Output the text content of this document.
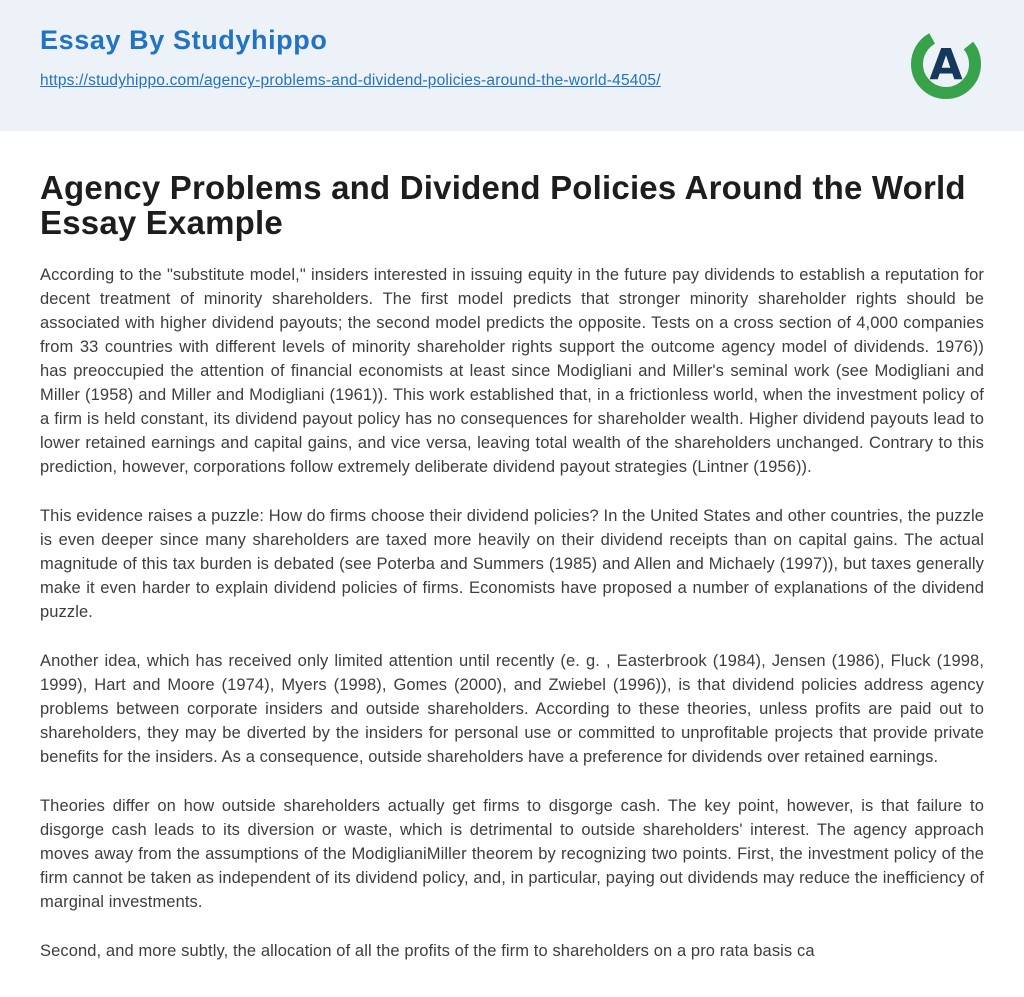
Essay By Studyhippo
https://studyhippo.com/agency-problems-and-dividend-policies-around-the-world-45405/	A
Agency Problems and Dividend Policies Around the World Essay Example

According to the "substitute model," insiders interested in issuing equity in the future pay dividends to establish a reputation for decent treatment of minority shareholders. The first model predicts that stronger minority shareholder rights should be associated with higher dividend payouts; the second model predicts the opposite. Tests on a cross section of 4,000 companies from 33 countries with different levels of minority shareholder rights support the outcome agency model of dividends. 1976)) has preoccupied the attention of financial economists at least since Modigliani and Miller's seminal work (see Modigliani and Miller (1958) and Miller and Modigliani (1961)). This work established that, in a frictionless world, when the investment policy of a firm is held constant, its dividend payout policy has no consequences for shareholder wealth. Higher dividend payouts lead to lower retained earnings and capital gains, and vice versa, leaving total wealth of the shareholders unchanged. Contrary to this prediction, however, corporations follow extremely deliberate dividend payout strategies (Lintner (1956)).

This evidence raises a puzzle: How do firms choose their dividend policies? In the United States and other countries, the puzzle is even deeper since many shareholders are taxed more heavily on their dividend receipts than on capital gains. The actual magnitude of this tax burden is debated (see Poterba and Summers (1985) and Allen and Michaely (1997)), but taxes generally make it even harder to explain dividend policies of firms. Economists have proposed a number of explanations of the dividend puzzle.

Another idea, which has received only limited attention until recently (e. g. , Easterbrook (1984), Jensen (1986), Fluck (1998, 1999), Hart and Moore (1974), Myers (1998), Gomes (2000), and Zwiebel (1996)), is that dividend policies address agency problems between corporate insiders and outside shareholders. According to these theories, unless profits are paid out to shareholders, they may be diverted by the insiders for personal use or committed to unprofitable projects that provide private benefits for the insiders. As a consequence, outside shareholders have a preference for dividends over retained earnings.

Theories differ on how outside shareholders actually get firms to disgorge cash. The key point, however, is that failure to disgorge cash leads to its diversion or waste, which is detrimental to outside shareholders' interest. The agency approach moves away from the assumptions of the ModiglianiMiller theorem by recognizing two points. First, the investment policy of the firm cannot be taken as independent of its dividend policy, and, in particular, paying out dividends may reduce the inefficiency of marginal investments.

Second, and more subtly, the allocation of all the profits of the firm to shareholders on a pro rata basis ca
